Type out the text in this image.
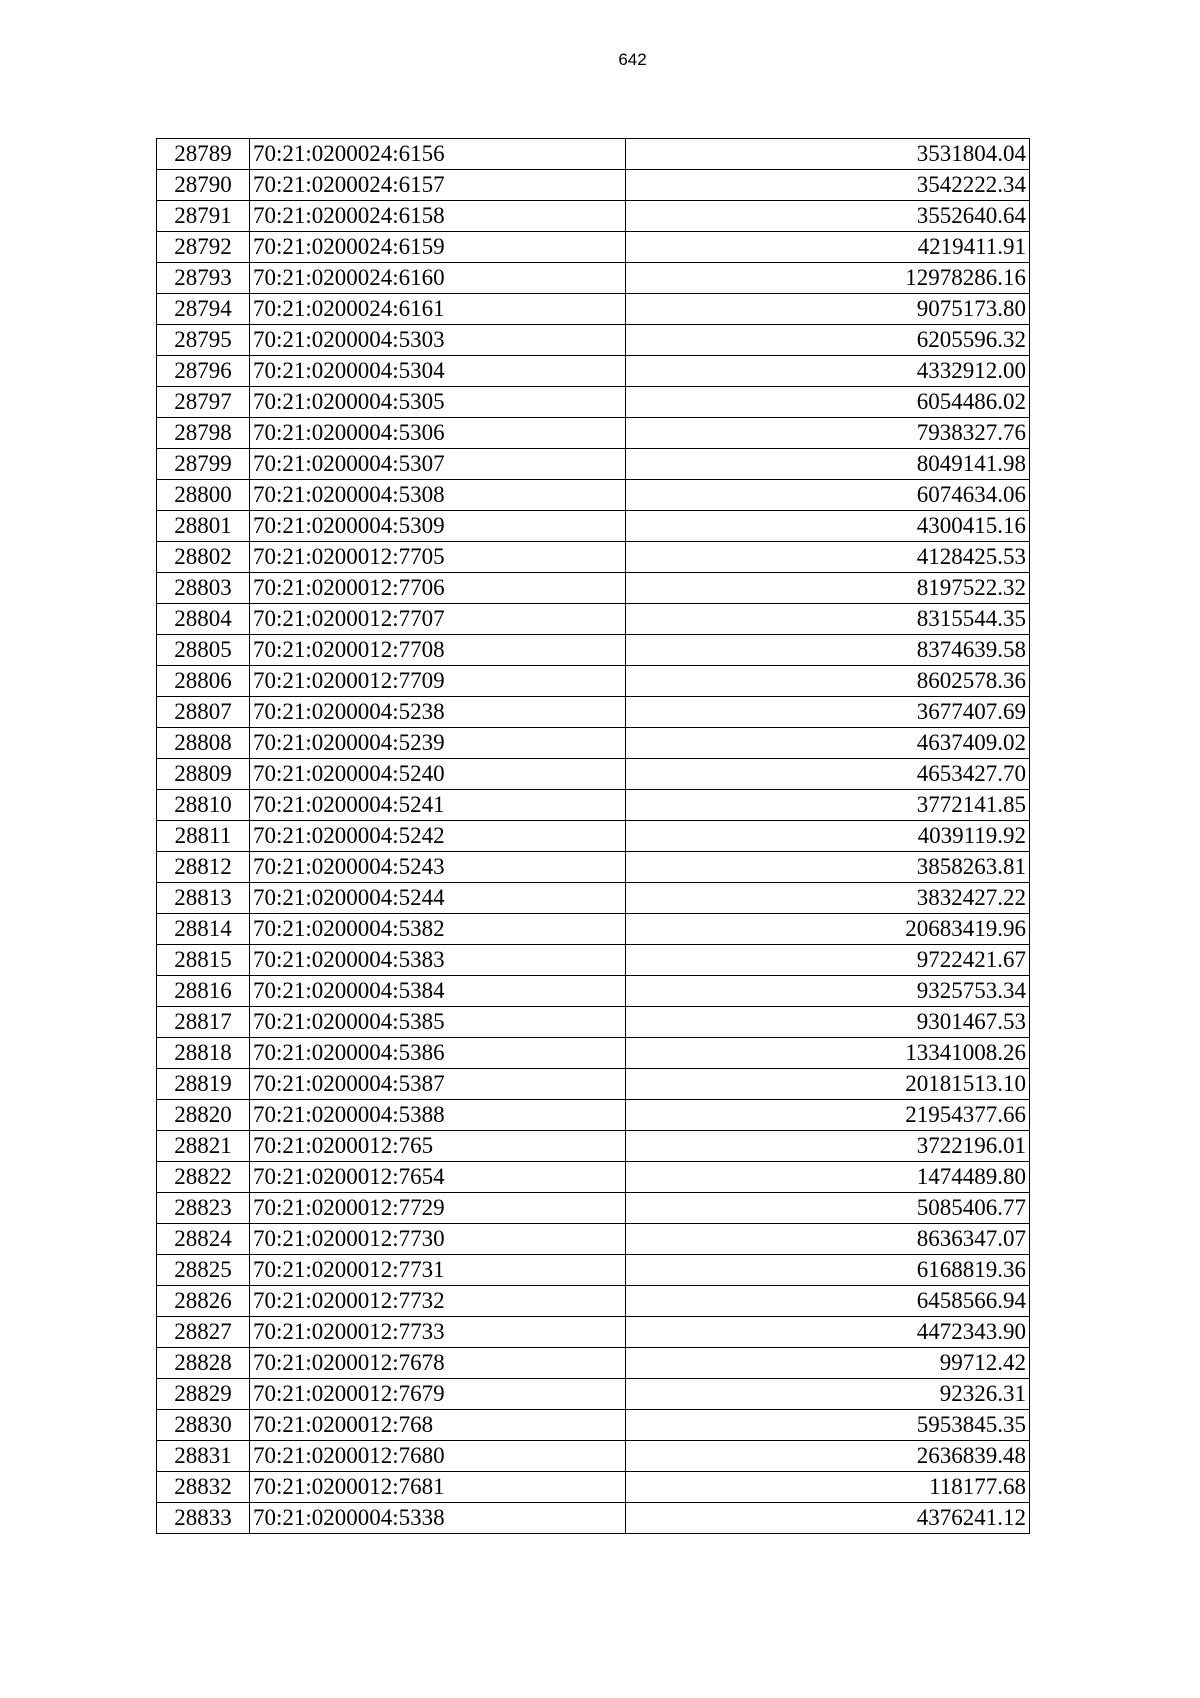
642
28789	70:21:0200024:6156	3531804.04
28790	70:21:0200024:6157	3542222.34
28791	70:21:0200024:6158	3552640.64
28792	70:21:0200024:6159	4219411.91
28793	70:21:0200024:6160	12978286.16
28794	70:21:0200024:6161	9075173.80
28795	70:21:0200004:5303	6205596.32
28796	70:21:0200004:5304	4332912.00
28797	70:21:0200004:5305	6054486.02
28798	70:21:0200004:5306	7938327.76
28799	70:21:0200004:5307	8049141.98
28800	70:21:0200004:5308	6074634.06
28801	70:21:0200004:5309	4300415.16
28802	70:21:0200012:7705	4128425.53
28803	70:21:0200012:7706	8197522.32
28804	70:21:0200012:7707	8315544.35
28805	70:21:0200012:7708	8374639.58
28806	70:21:0200012:7709	8602578.36
28807	70:21:0200004:5238	3677407.69
28808	70:21:0200004:5239	4637409.02
28809	70:21:0200004:5240	4653427.70
28810	70:21:0200004:5241	3772141.85
28811	70:21:0200004:5242	4039119.92
28812	70:21:0200004:5243	3858263.81
28813	70:21:0200004:5244	3832427.22
28814	70:21:0200004:5382	20683419.96
28815	70:21:0200004:5383	9722421.67
28816	70:21:0200004:5384	9325753.34
28817	70:21:0200004:5385	9301467.53
28818	70:21:0200004:5386	13341008.26
28819	70:21:0200004:5387	20181513.10
28820	70:21:0200004:5388	21954377.66
28821	70:21:0200012:765	3722196.01
28822	70:21:0200012:7654	1474489.80
28823	70:21:0200012:7729	5085406.77
28824	70:21:0200012:7730	8636347.07
28825	70:21:0200012:7731	6168819.36
28826	70:21:0200012:7732	6458566.94
28827	70:21:0200012:7733	4472343.90
28828	70:21:0200012:7678	99712.42
28829	70:21:0200012:7679	92326.31
28830	70:21:0200012:768	5953845.35
28831	70:21:0200012:7680	2636839.48
28832	70:21:0200012:7681	118177.68
28833	70:21:0200004:5338	4376241.12
